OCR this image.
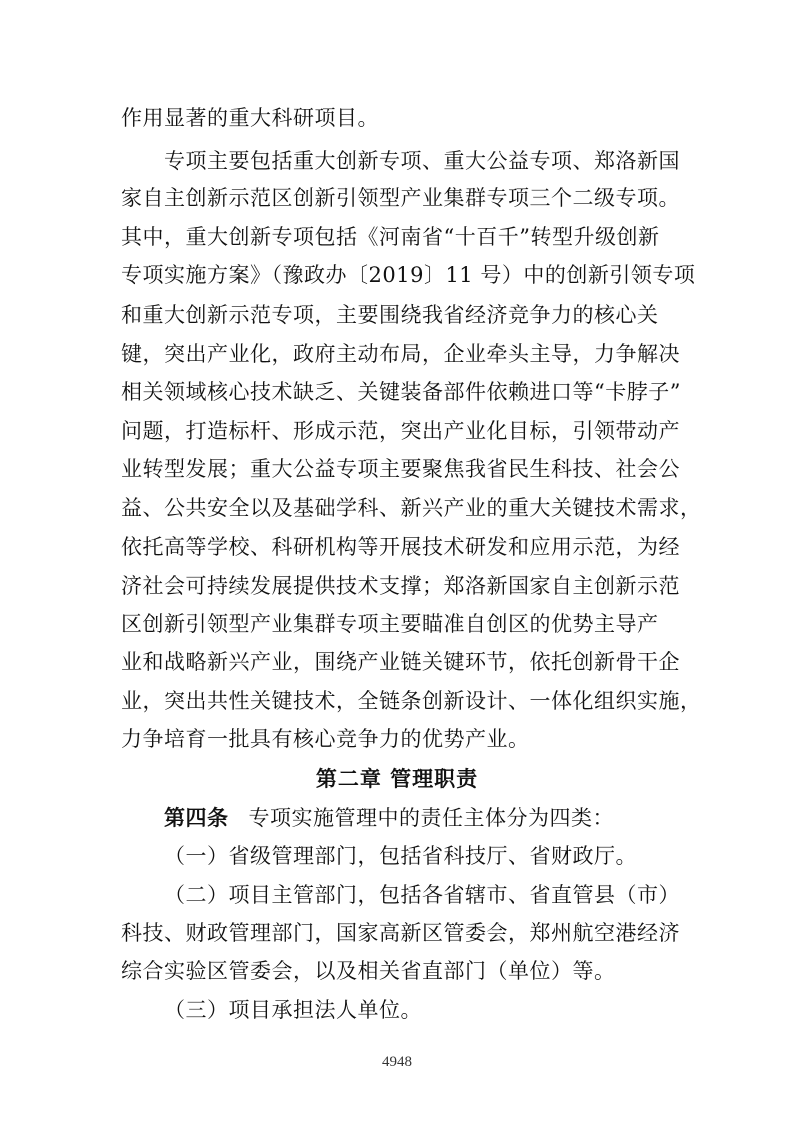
作用显著的重大科研项目。
专项主要包括重大创新专项、重大公益专项、郑洛新国
家自主创新示范区创新引领型产业集群专项三个二级专项。
其中，重大创新专项包括《河南省“十百千”转型升级创新
专项实施方案》（豫政办〔2019〕11 号）中的创新引领专项
和重大创新示范专项，主要围绕我省经济竞争力的核心关
键，突出产业化，政府主动布局，企业牵头主导，力争解决
相关领域核心技术缺乏、关键装备部件依赖进口等“卡脖子”
问题，打造标杆、形成示范，突出产业化目标，引领带动产
业转型发展；重大公益专项主要聚焦我省民生科技、社会公
益、公共安全以及基础学科、新兴产业的重大关键技术需求，
依托高等学校、科研机构等开展技术研发和应用示范，为经
济社会可持续发展提供技术支撑；郑洛新国家自主创新示范
区创新引领型产业集群专项主要瞄准自创区的优势主导产
业和战略新兴产业，围绕产业链关键环节，依托创新骨干企
业，突出共性关键技术，全链条创新设计、一体化组织实施，
力争培育一批具有核心竞争力的优势产业。
第二章 管理职责
第四条 专项实施管理中的责任主体分为四类：
（一）省级管理部门，包括省科技厅、省财政厅。
（二）项目主管部门，包括各省辖市、省直管县（市）
科技、财政管理部门，国家高新区管委会，郑州航空港经济
综合实验区管委会，以及相关省直部门（单位）等。
（三）项目承担法人单位。
4948
